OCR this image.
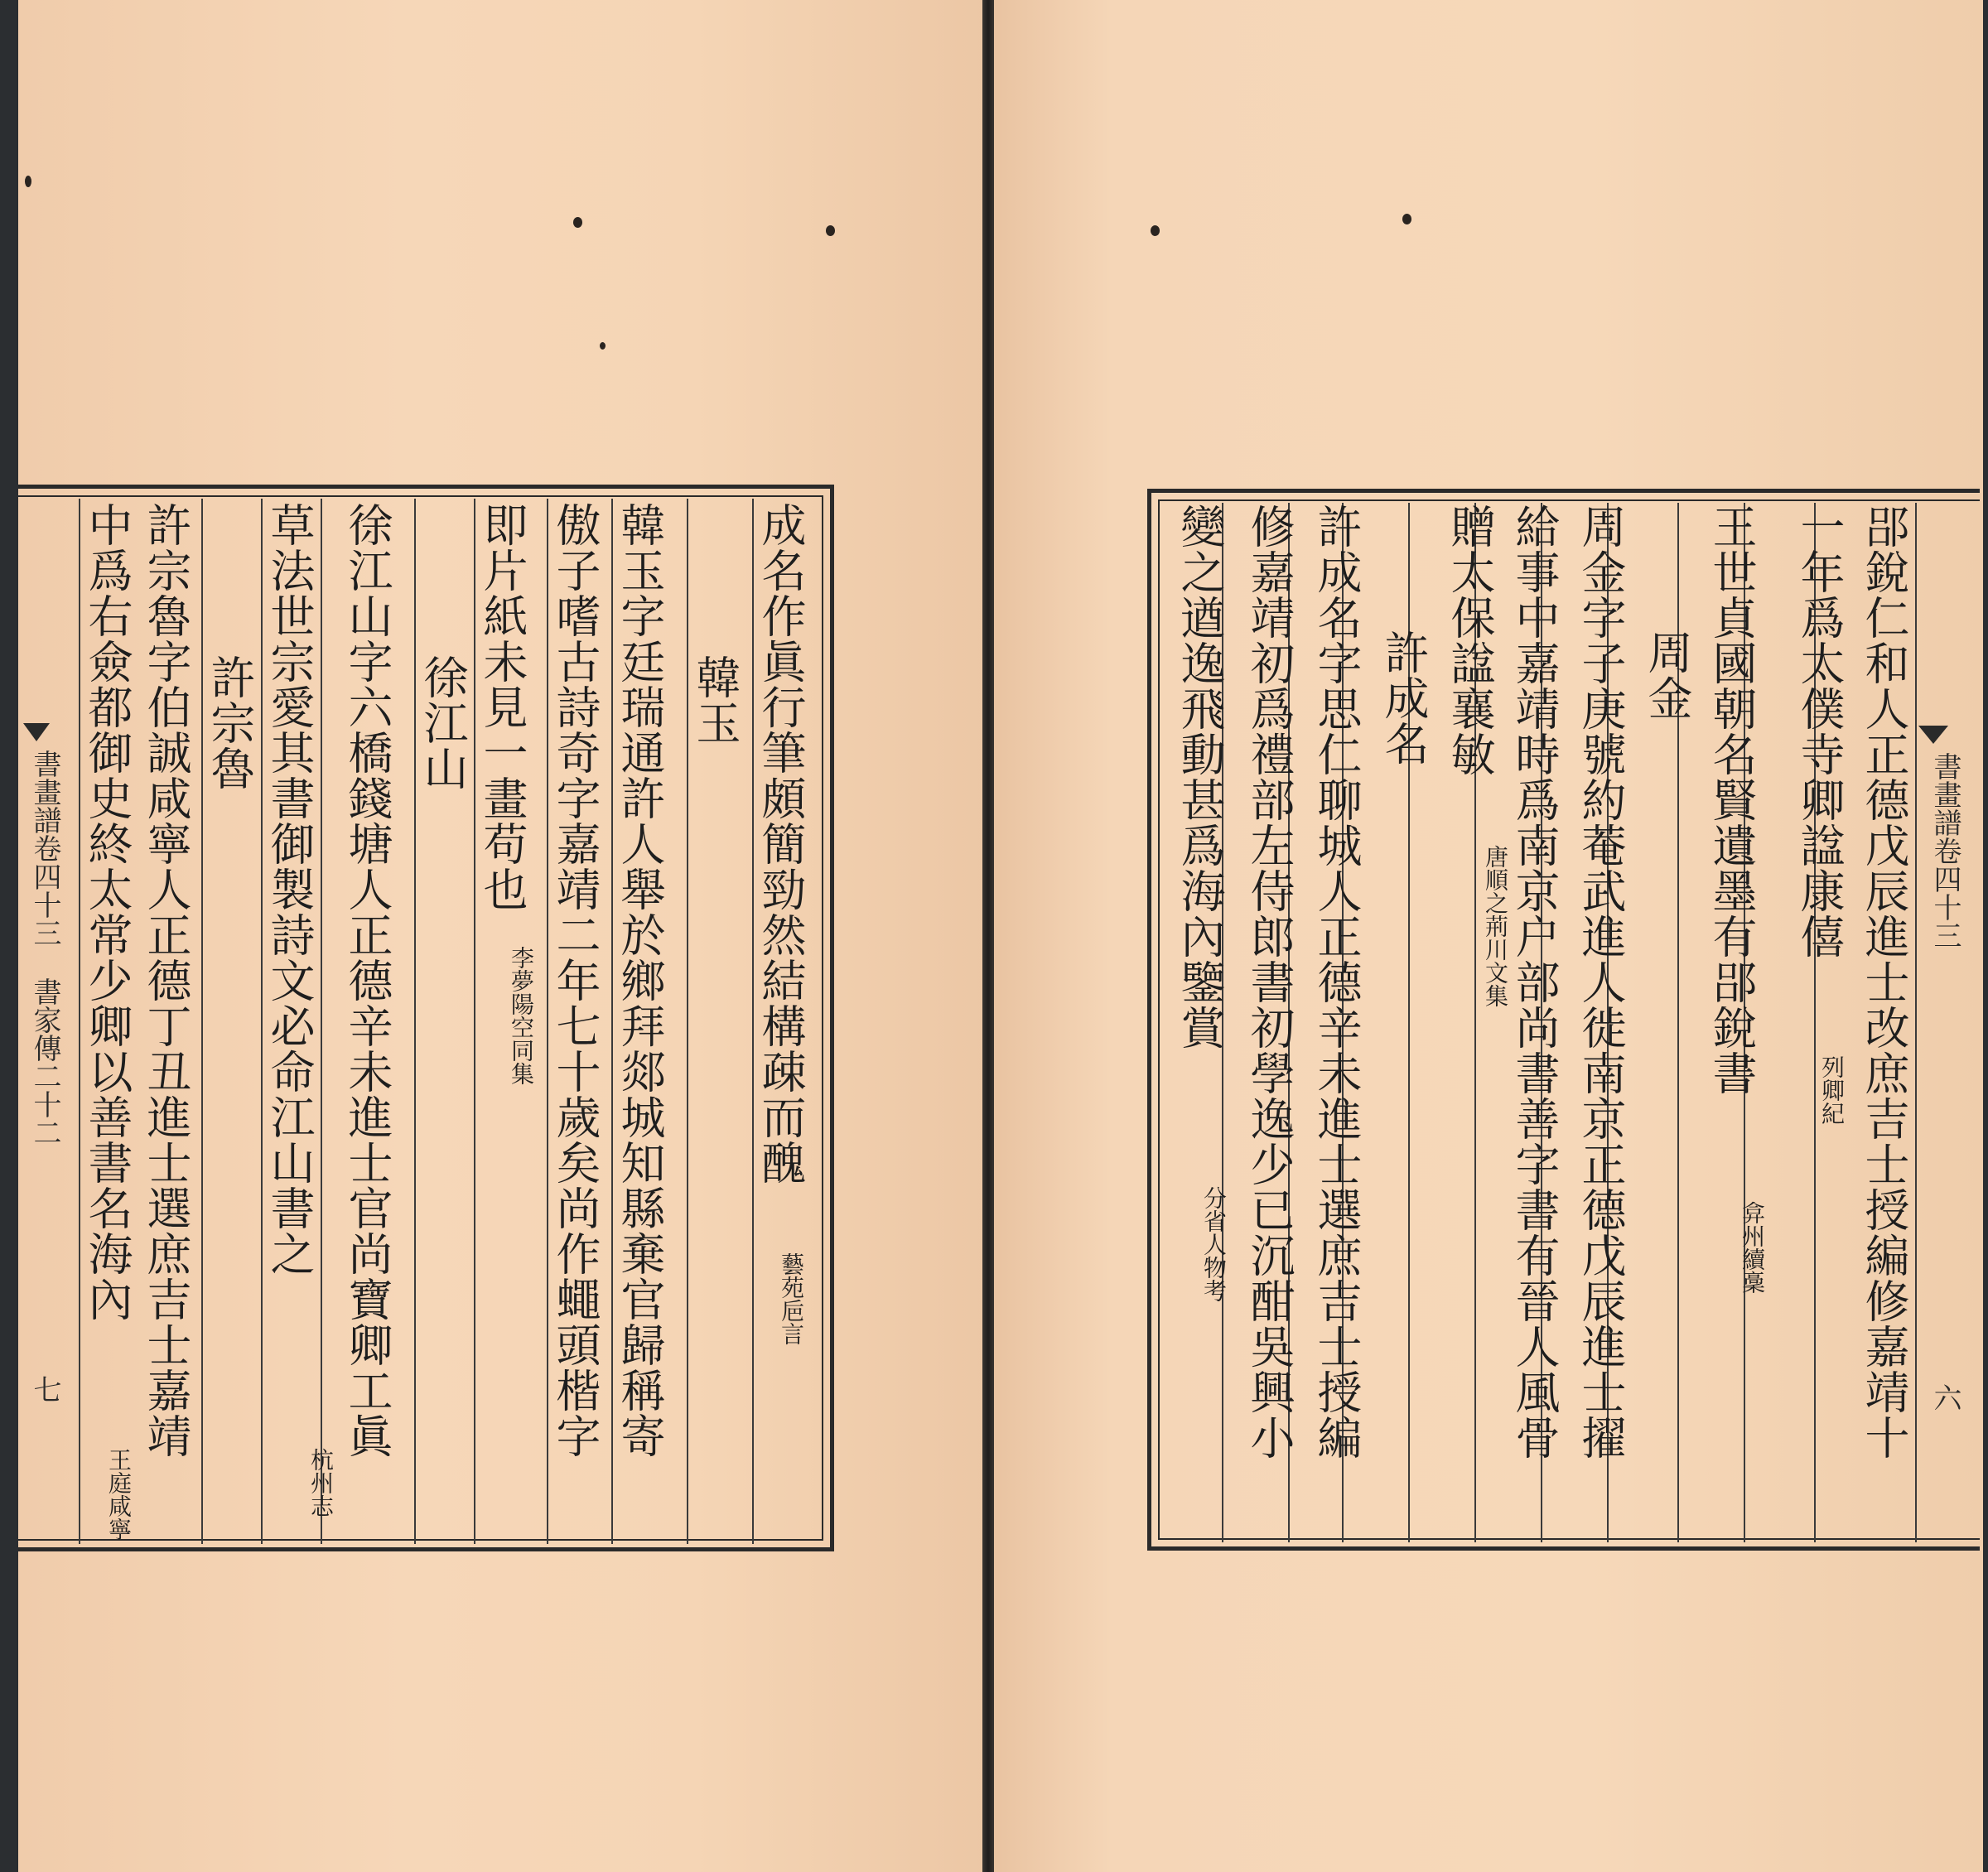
成名作眞行筆頗簡勁然結構疎而醜
藝苑巵言
韓玉
韓玉字廷瑞通許人舉於鄉拜郯城知縣棄官歸稱寄
傲子嗜古詩奇字嘉靖二年七十歲矣尚作蠅頭楷字
即片紙未見一畫苟也
李夢陽空同集
徐江山
徐江山字六橋錢塘人正德辛未進士官尚寶卿工眞
草法世宗愛其書御製詩文必命江山書之
杭州志
許宗魯
許宗魯字伯誠咸寧人正德丁丑進士選庶吉士嘉靖
中爲右僉都御史終太常少卿以善書名海內
王庭咸寧
書畫譜卷四十三
書家傳二十二
七	郘銳仁和人正德戊辰進士改庶吉士授編修嘉靖十
一年爲太僕寺卿諡康僖
列卿紀
王世貞國朝名賢遺墨有郘銳書
弇州續稾
周金
周金字子庚號約菴武進人徙南京正德戊辰進士擢
給事中嘉靖時爲南京户部尚書善字書有晉人風骨
贈太保諡襄敏
唐順之荊川文集
許成名
許成名字思仁聊城人正德辛未進士選庶吉士授編
修嘉靖初爲禮部左侍郎書初學逸少已沉酣吳興小
變之遒逸飛動甚爲海內鑒賞
分省人物考
書畫譜卷四十三
六
